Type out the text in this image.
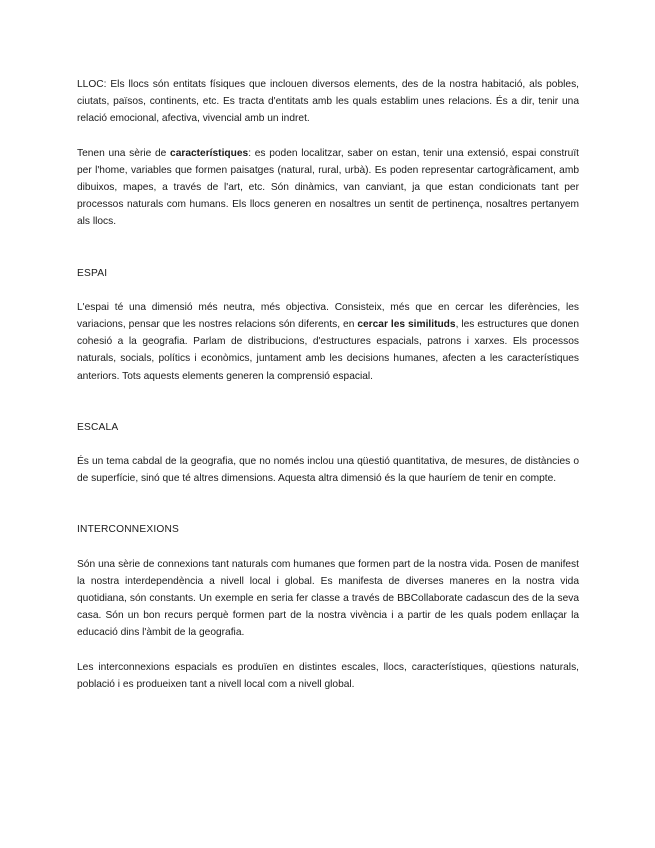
LLOC: Els llocs són entitats físiques que inclouen diversos elements, des de la nostra habitació, als pobles, ciutats, països, continents, etc. Es tracta d'entitats amb les quals establim unes relacions. És a dir, tenir una relació emocional, afectiva, vivencial amb un indret.

Tenen una sèrie de característiques: es poden localitzar, saber on estan, tenir una extensió, espai construït per l'home, variables que formen paisatges (natural, rural, urbà). Es poden representar cartogràficament, amb dibuixos, mapes, a través de l'art, etc. Són dinàmics, van canviant, ja que estan condicionats tant per processos naturals com humans. Els llocs generen en nosaltres un sentit de pertinença, nosaltres pertanyem als llocs.

ESPAI

L'espai té una dimensió més neutra, més objectiva. Consisteix, més que en cercar les diferències, les variacions, pensar que les nostres relacions són diferents, en cercar les similituds, les estructures que donen cohesió a la geografia. Parlam de distribucions, d'estructures espacials, patrons i xarxes. Els processos naturals, socials, polítics i econòmics, juntament amb les decisions humanes, afecten a les característiques anteriors. Tots aquests elements generen la comprensió espacial.

ESCALA

És un tema cabdal de la geografia, que no només inclou una qüestió quantitativa, de mesures, de distàncies o de superfície, sinó que té altres dimensions. Aquesta altra dimensió és la que hauríem de tenir en compte.

INTERCONNEXIONS

Són una sèrie de connexions tant naturals com humanes que formen part de la nostra vida. Posen de manifest la nostra interdependència a nivell local i global. Es manifesta de diverses maneres en la nostra vida quotidiana, són constants. Un exemple en seria fer classe a través de BBCollaborate cadascun des de la seva casa. Són un bon recurs perquè formen part de la nostra vivència i a partir de les quals podem enllaçar la educació dins l'àmbit de la geografia.

Les interconnexions espacials es produïen en distintes escales, llocs, característiques, qüestions naturals, població i es produeixen tant a nivell local com a nivell global.
